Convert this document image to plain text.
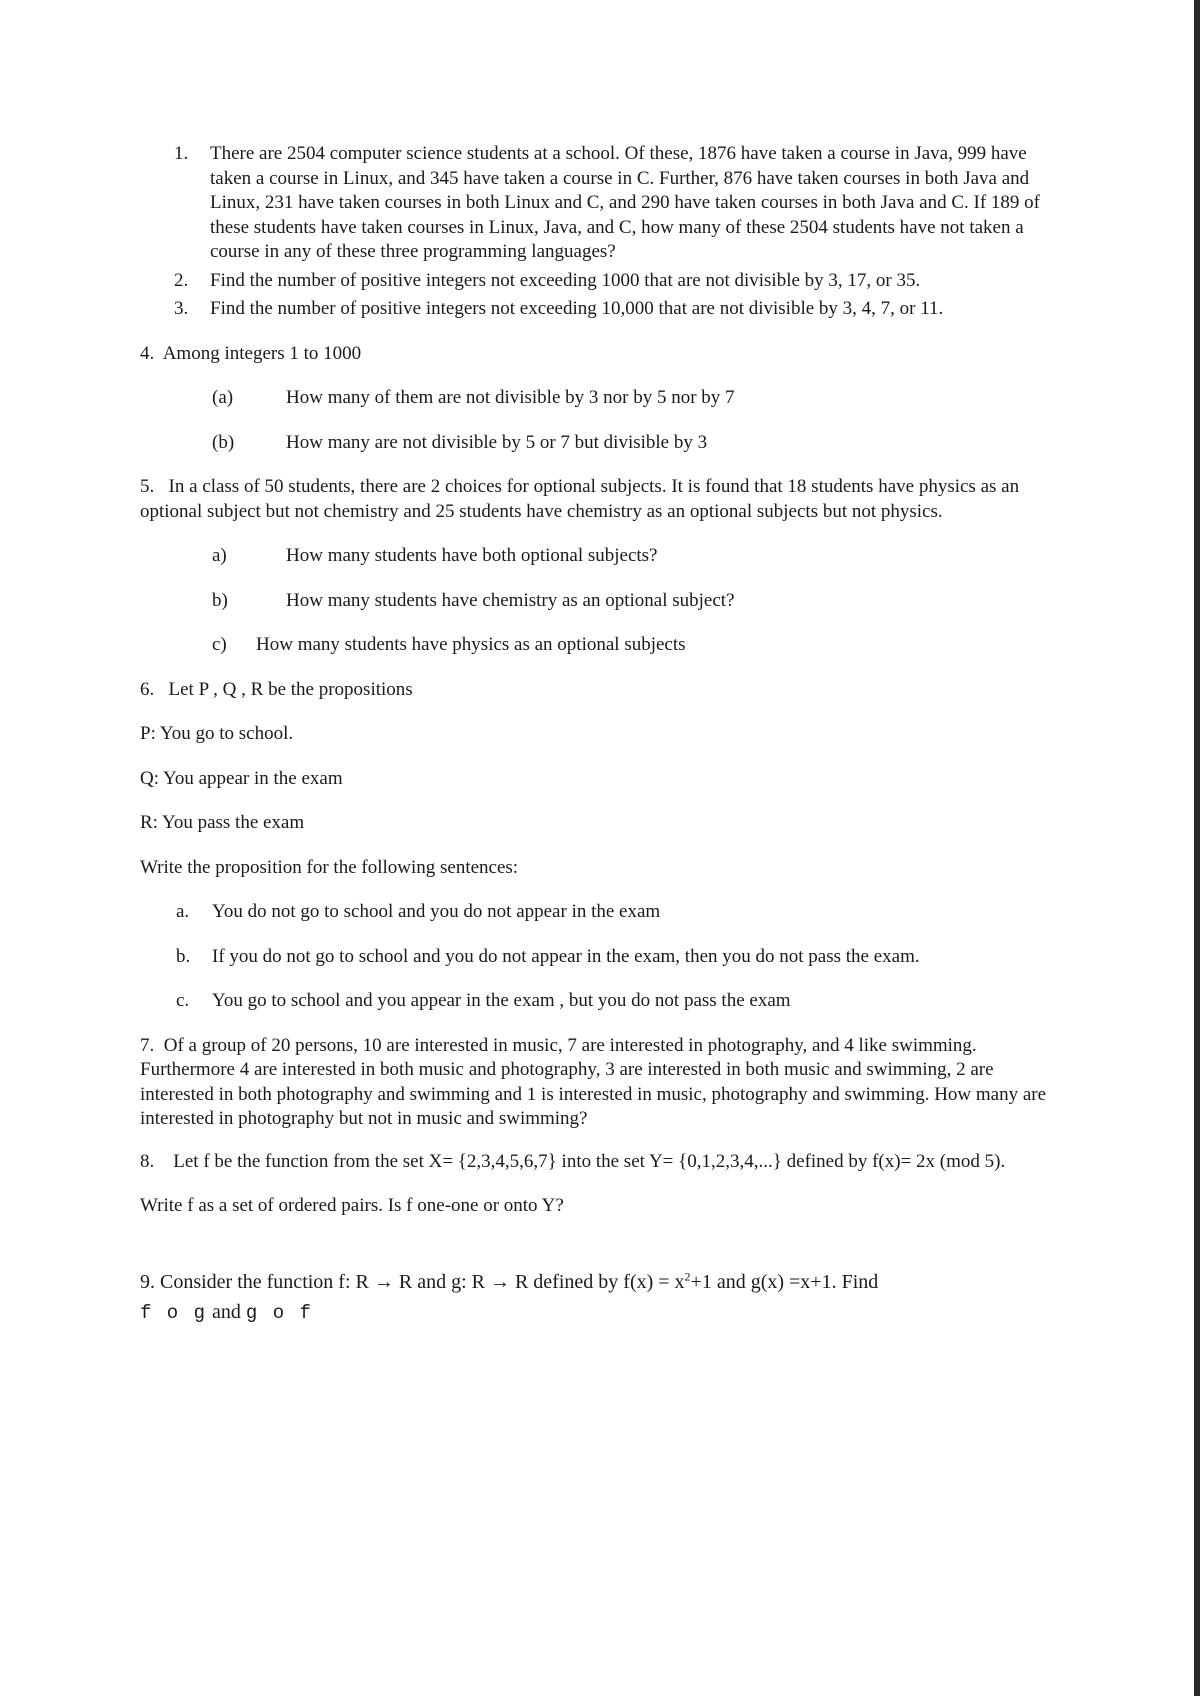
1. There are 2504 computer science students at a school. Of these, 1876 have taken a course in Java, 999 have taken a course in Linux, and 345 have taken a course in C. Further, 876 have taken courses in both Java and Linux, 231 have taken courses in both Linux and C, and 290 have taken courses in both Java and C. If 189 of these students have taken courses in Linux, Java, and C, how many of these 2504 students have not taken a course in any of these three programming languages?
2. Find the number of positive integers not exceeding 1000 that are not divisible by 3, 17, or 35.
3. Find the number of positive integers not exceeding 10,000 that are not divisible by 3, 4, 7, or 11.

4. Among integers 1 to 1000

(a)	How many of them are not divisible by 3 nor by 5 nor by 7
(b)	How many are not divisible by 5 or 7 but divisible by 3

5. In a class of 50 students, there are 2 choices for optional subjects. It is found that 18 students have physics as an optional subject but not chemistry and 25 students have chemistry as an optional subjects but not physics.

a)	How many students have both optional subjects?
b)	How many students have chemistry as an optional subject?
c) How many students have physics as an optional subjects

6. Let P , Q , R be the propositions

P: You go to school.

Q: You appear in the exam

R: You pass the exam

Write the proposition for the following sentences:

a. You do not go to school and you do not appear in the exam
b. If you do not go to school and you do not appear in the exam, then you do not pass the exam.
c. You go to school and you appear in the exam , but you do not pass the exam

7. Of a group of 20 persons, 10 are interested in music, 7 are interested in photography, and 4 like swimming. Furthermore 4 are interested in both music and photography, 3 are interested in both music and swimming, 2 are interested in both photography and swimming and 1 is interested in music, photography and swimming. How many are interested in photography but not in music and swimming?

8. Let f be the function from the set X= {2,3,4,5,6,7} into the set Y= {0,1,2,3,4,...} defined by f(x)= 2x (mod 5).

Write f as a set of ordered pairs. Is f one-one or onto Y?

9. Consider the function f: R → R and g: R → R defined by $f(x) = x^2+1$ and g(x) =x+1. Find
f o g and g o f
